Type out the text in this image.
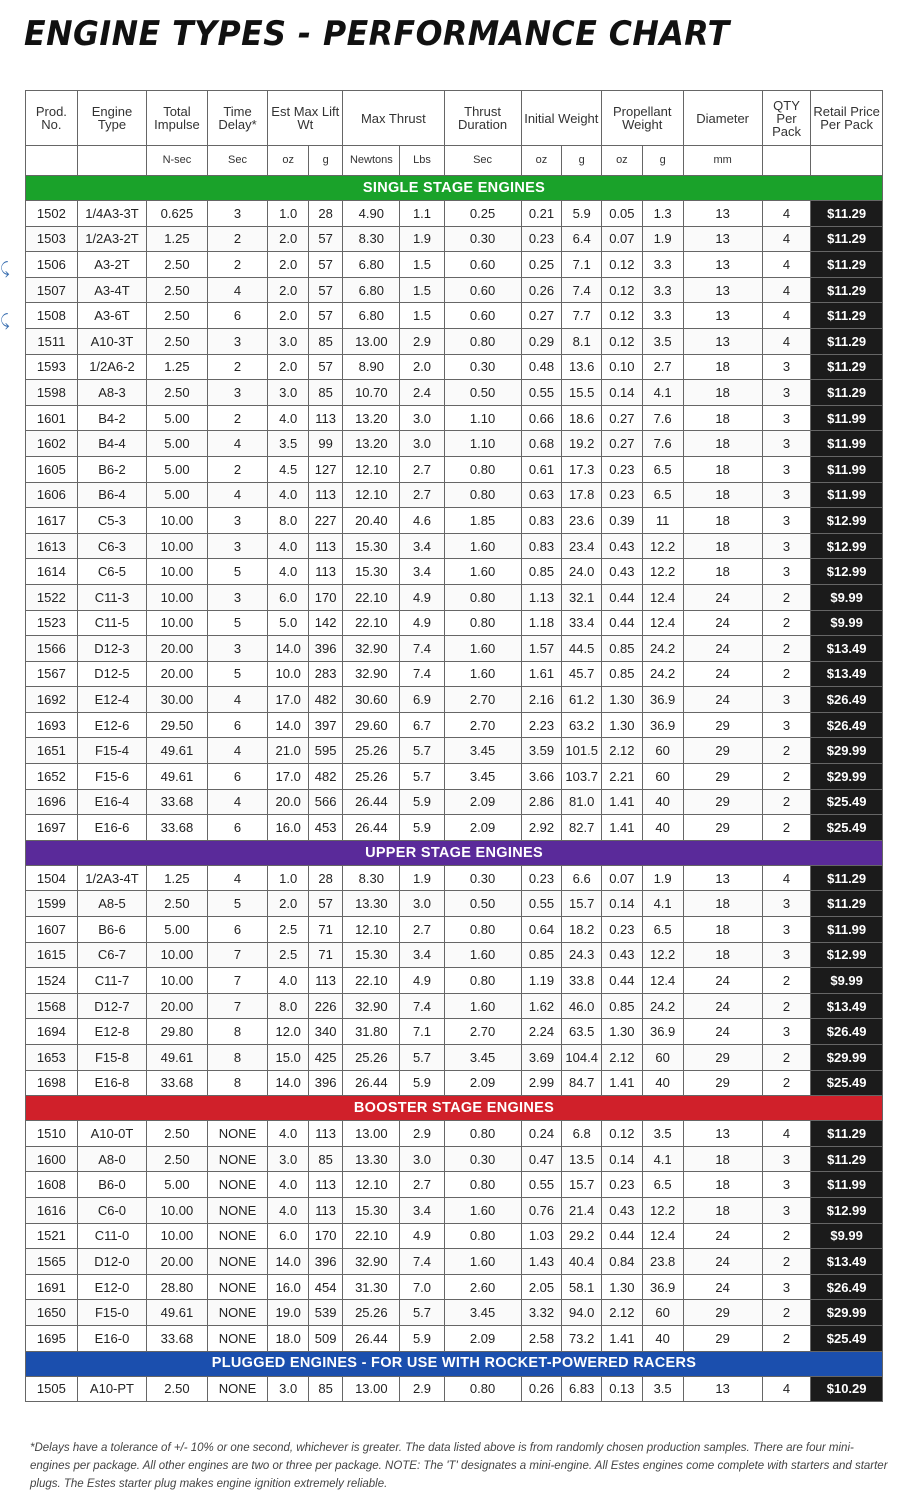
ENGINE TYPES - PERFORMANCE CHART
⤹
⤹
Prod. No.	Engine Type	Total Impulse	Time Delay*	Est Max Lift Wt		Max Thrust		Thrust Duration	Initial Weight		Propellant Weight		Diameter	QTY Per Pack	Retail Price Per Pack
		N-sec	Sec	oz	g	Newtons	Lbs	Sec	oz	g	oz	g	mm		
SINGLE STAGE ENGINES															
1502	1/4A3-3T	0.625	3	1.0	28	4.90	1.1	0.25	0.21	5.9	0.05	1.3	13	4	$11.29
1503	1/2A3-2T	1.25	2	2.0	57	8.30	1.9	0.30	0.23	6.4	0.07	1.9	13	4	$11.29
1506	A3-2T	2.50	2	2.0	57	6.80	1.5	0.60	0.25	7.1	0.12	3.3	13	4	$11.29
1507	A3-4T	2.50	4	2.0	57	6.80	1.5	0.60	0.26	7.4	0.12	3.3	13	4	$11.29
1508	A3-6T	2.50	6	2.0	57	6.80	1.5	0.60	0.27	7.7	0.12	3.3	13	4	$11.29
1511	A10-3T	2.50	3	3.0	85	13.00	2.9	0.80	0.29	8.1	0.12	3.5	13	4	$11.29
1593	1/2A6-2	1.25	2	2.0	57	8.90	2.0	0.30	0.48	13.6	0.10	2.7	18	3	$11.29
1598	A8-3	2.50	3	3.0	85	10.70	2.4	0.50	0.55	15.5	0.14	4.1	18	3	$11.29
1601	B4-2	5.00	2	4.0	113	13.20	3.0	1.10	0.66	18.6	0.27	7.6	18	3	$11.99
1602	B4-4	5.00	4	3.5	99	13.20	3.0	1.10	0.68	19.2	0.27	7.6	18	3	$11.99
1605	B6-2	5.00	2	4.5	127	12.10	2.7	0.80	0.61	17.3	0.23	6.5	18	3	$11.99
1606	B6-4	5.00	4	4.0	113	12.10	2.7	0.80	0.63	17.8	0.23	6.5	18	3	$11.99
1617	C5-3	10.00	3	8.0	227	20.40	4.6	1.85	0.83	23.6	0.39	11	18	3	$12.99
1613	C6-3	10.00	3	4.0	113	15.30	3.4	1.60	0.83	23.4	0.43	12.2	18	3	$12.99
1614	C6-5	10.00	5	4.0	113	15.30	3.4	1.60	0.85	24.0	0.43	12.2	18	3	$12.99
1522	C11-3	10.00	3	6.0	170	22.10	4.9	0.80	1.13	32.1	0.44	12.4	24	2	$9.99
1523	C11-5	10.00	5	5.0	142	22.10	4.9	0.80	1.18	33.4	0.44	12.4	24	2	$9.99
1566	D12-3	20.00	3	14.0	396	32.90	7.4	1.60	1.57	44.5	0.85	24.2	24	2	$13.49
1567	D12-5	20.00	5	10.0	283	32.90	7.4	1.60	1.61	45.7	0.85	24.2	24	2	$13.49
1692	E12-4	30.00	4	17.0	482	30.60	6.9	2.70	2.16	61.2	1.30	36.9	24	3	$26.49
1693	E12-6	29.50	6	14.0	397	29.60	6.7	2.70	2.23	63.2	1.30	36.9	29	3	$26.49
1651	F15-4	49.61	4	21.0	595	25.26	5.7	3.45	3.59	101.5	2.12	60	29	2	$29.99
1652	F15-6	49.61	6	17.0	482	25.26	5.7	3.45	3.66	103.7	2.21	60	29	2	$29.99
1696	E16-4	33.68	4	20.0	566	26.44	5.9	2.09	2.86	81.0	1.41	40	29	2	$25.49
1697	E16-6	33.68	6	16.0	453	26.44	5.9	2.09	2.92	82.7	1.41	40	29	2	$25.49
UPPER STAGE ENGINES															
1504	1/2A3-4T	1.25	4	1.0	28	8.30	1.9	0.30	0.23	6.6	0.07	1.9	13	4	$11.29
1599	A8-5	2.50	5	2.0	57	13.30	3.0	0.50	0.55	15.7	0.14	4.1	18	3	$11.29
1607	B6-6	5.00	6	2.5	71	12.10	2.7	0.80	0.64	18.2	0.23	6.5	18	3	$11.99
1615	C6-7	10.00	7	2.5	71	15.30	3.4	1.60	0.85	24.3	0.43	12.2	18	3	$12.99
1524	C11-7	10.00	7	4.0	113	22.10	4.9	0.80	1.19	33.8	0.44	12.4	24	2	$9.99
1568	D12-7	20.00	7	8.0	226	32.90	7.4	1.60	1.62	46.0	0.85	24.2	24	2	$13.49
1694	E12-8	29.80	8	12.0	340	31.80	7.1	2.70	2.24	63.5	1.30	36.9	24	3	$26.49
1653	F15-8	49.61	8	15.0	425	25.26	5.7	3.45	3.69	104.4	2.12	60	29	2	$29.99
1698	E16-8	33.68	8	14.0	396	26.44	5.9	2.09	2.99	84.7	1.41	40	29	2	$25.49
BOOSTER STAGE ENGINES															
1510	A10-0T	2.50	NONE	4.0	113	13.00	2.9	0.80	0.24	6.8	0.12	3.5	13	4	$11.29
1600	A8-0	2.50	NONE	3.0	85	13.30	3.0	0.30	0.47	13.5	0.14	4.1	18	3	$11.29
1608	B6-0	5.00	NONE	4.0	113	12.10	2.7	0.80	0.55	15.7	0.23	6.5	18	3	$11.99
1616	C6-0	10.00	NONE	4.0	113	15.30	3.4	1.60	0.76	21.4	0.43	12.2	18	3	$12.99
1521	C11-0	10.00	NONE	6.0	170	22.10	4.9	0.80	1.03	29.2	0.44	12.4	24	2	$9.99
1565	D12-0	20.00	NONE	14.0	396	32.90	7.4	1.60	1.43	40.4	0.84	23.8	24	2	$13.49
1691	E12-0	28.80	NONE	16.0	454	31.30	7.0	2.60	2.05	58.1	1.30	36.9	24	3	$26.49
1650	F15-0	49.61	NONE	19.0	539	25.26	5.7	3.45	3.32	94.0	2.12	60	29	2	$29.99
1695	E16-0	33.68	NONE	18.0	509	26.44	5.9	2.09	2.58	73.2	1.41	40	29	2	$25.49
PLUGGED ENGINES - FOR USE WITH ROCKET-POWERED RACERS															
1505	A10-PT	2.50	NONE	3.0	85	13.00	2.9	0.80	0.26	6.83	0.13	3.5	13	4	$10.29
*Delays have a tolerance of +/- 10% or one second, whichever is greater. The data listed above is from randomly chosen production samples. There are four mini-engines per package. All other engines are two or three per package. NOTE: The 'T' designates a mini-engine. All Estes engines come complete with starters and starter plugs. The Estes starter plug makes engine ignition extremely reliable.
